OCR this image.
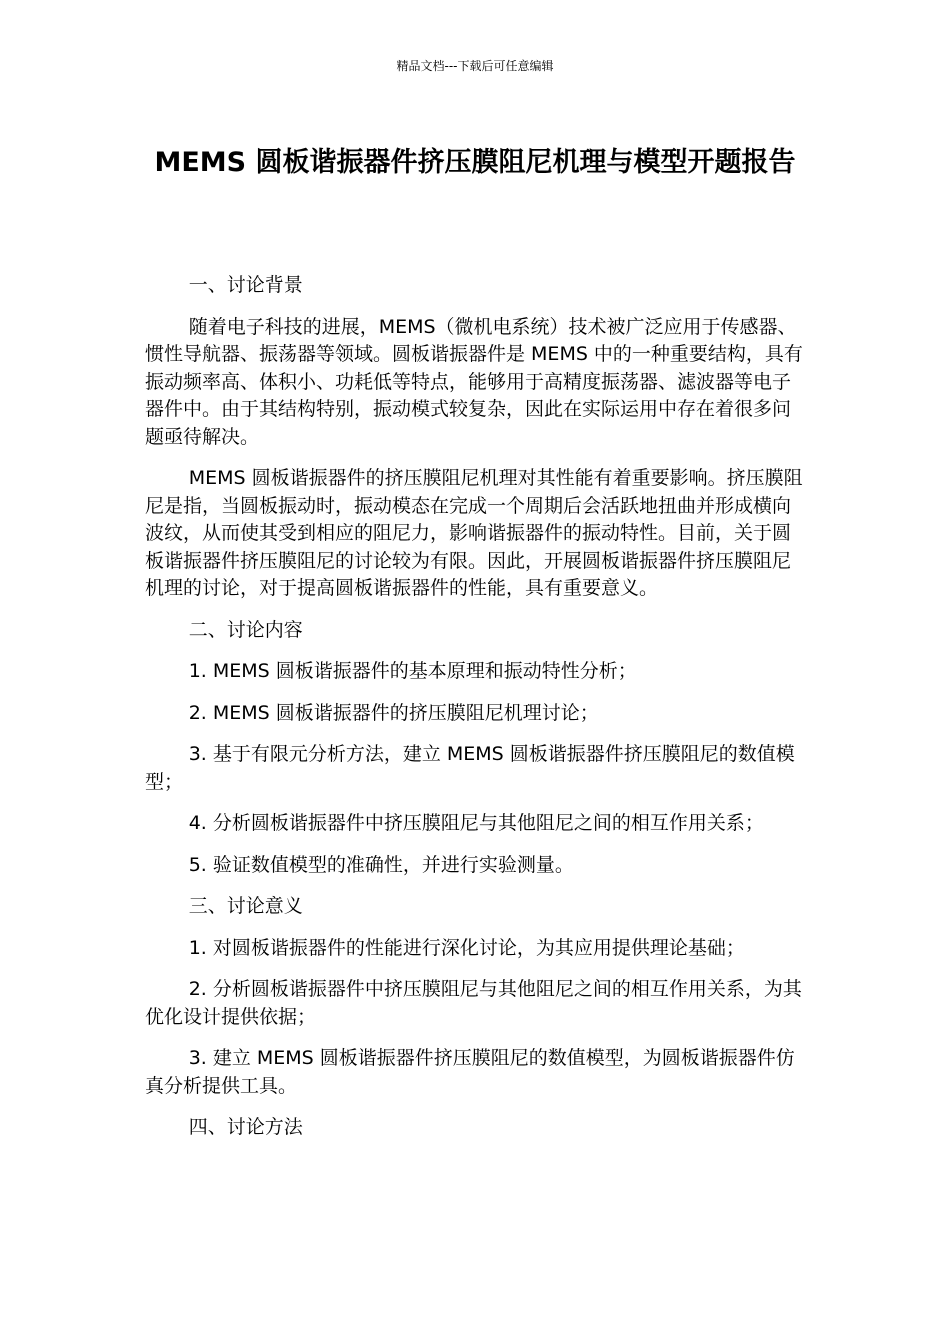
精品文档---下载后可任意编辑
MEMS 圆板谐振器件挤压膜阻尼机理与模型开题报告

一、讨论背景

随着电子科技的进展，MEMS（微机电系统）技术被广泛应用于传感器、惯性导航器、振荡器等领域。圆板谐振器件是 MEMS 中的一种重要结构，具有振动频率高、体积小、功耗低等特点，能够用于高精度振荡器、滤波器等电子器件中。由于其结构特别，振动模式较复杂，因此在实际运用中存在着很多问题亟待解决。

MEMS 圆板谐振器件的挤压膜阻尼机理对其性能有着重要影响。挤压膜阻尼是指，当圆板振动时，振动模态在完成一个周期后会活跃地扭曲并形成横向波纹，从而使其受到相应的阻尼力，影响谐振器件的振动特性。目前，关于圆板谐振器件挤压膜阻尼的讨论较为有限。因此，开展圆板谐振器件挤压膜阻尼机理的讨论，对于提高圆板谐振器件的性能，具有重要意义。

二、讨论内容

1. MEMS 圆板谐振器件的基本原理和振动特性分析；

2. MEMS 圆板谐振器件的挤压膜阻尼机理讨论；

3. 基于有限元分析方法，建立 MEMS 圆板谐振器件挤压膜阻尼的数值模型；

4. 分析圆板谐振器件中挤压膜阻尼与其他阻尼之间的相互作用关系；

5. 验证数值模型的准确性，并进行实验测量。

三、讨论意义

1. 对圆板谐振器件的性能进行深化讨论，为其应用提供理论基础；

2. 分析圆板谐振器件中挤压膜阻尼与其他阻尼之间的相互作用关系，为其优化设计提供依据；

3. 建立 MEMS 圆板谐振器件挤压膜阻尼的数值模型，为圆板谐振器件仿真分析提供工具。

四、讨论方法
